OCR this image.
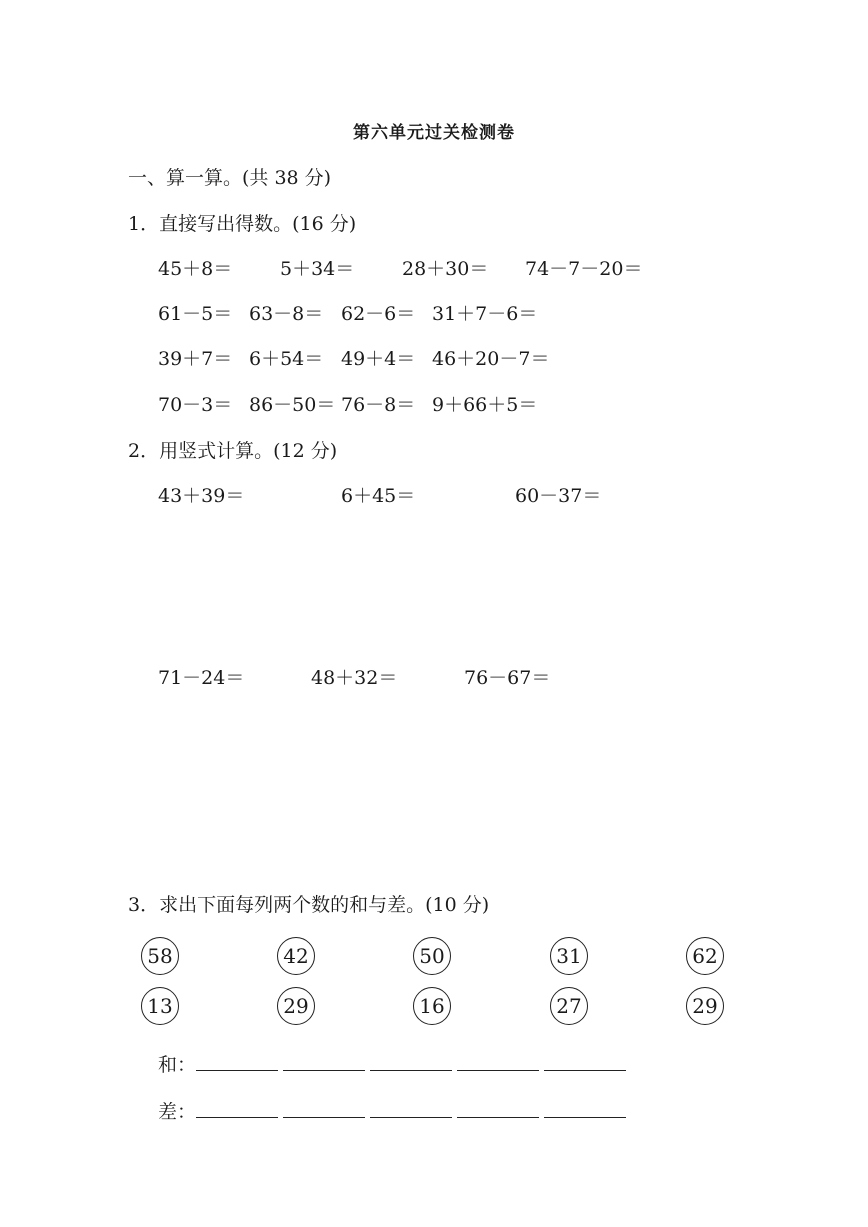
第六单元过关检测卷
一、算一算。(共 38 分)
1．直接写出得数。(16 分)
45＋8＝	5＋34＝	28＋30＝ 74－7－20＝
61－5＝ 63－8＝ 62－6＝ 31＋7－6＝
39＋7＝ 6＋54＝ 49＋4＝ 46＋20－7＝
70－3＝ 86－50＝ 76－8＝ 9＋66＋5＝
2．用竖式计算。(12 分)
43＋39＝	6＋45＝	60－37＝
71－24＝	48＋32＝	76－67＝
3．求出下面每列两个数的和与差。(10 分)
58	42	50	31	62
13	29	16	27	29
和：
差：
